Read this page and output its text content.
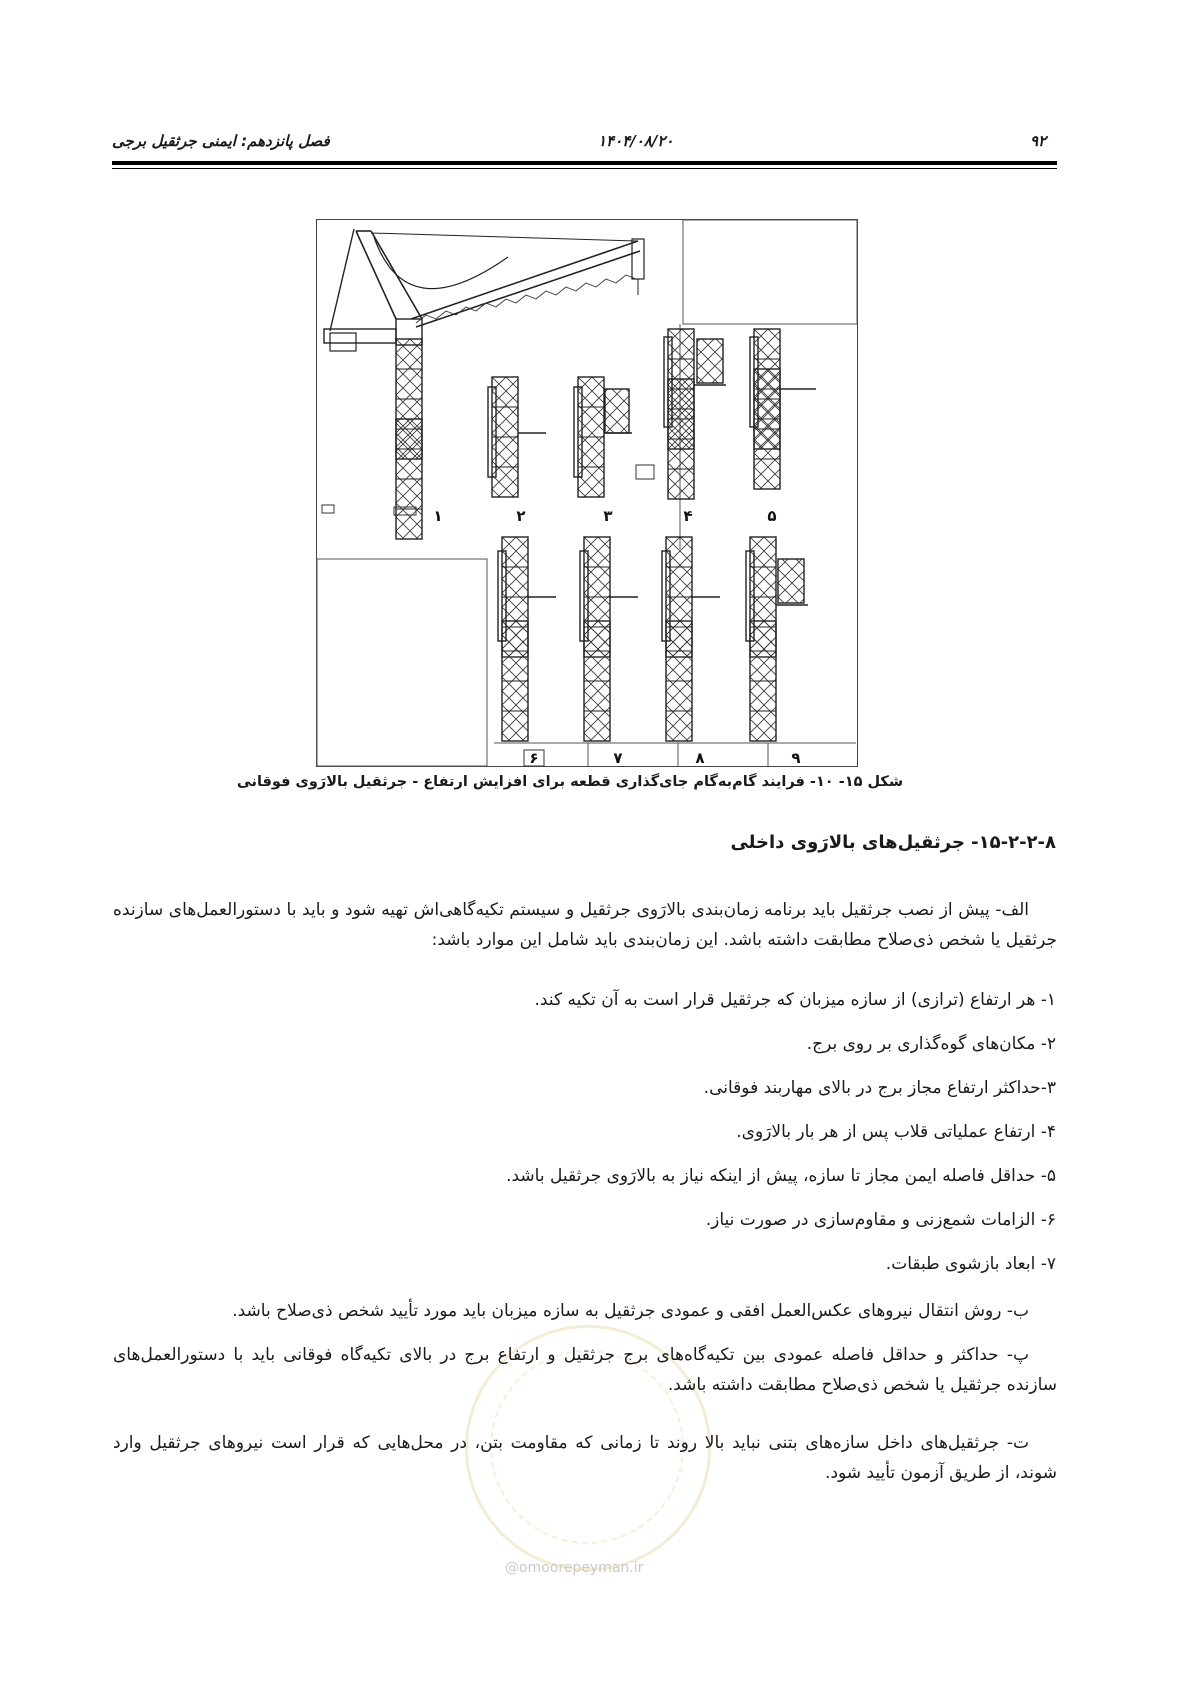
فصل پانزدهم: ایمنی جرثقیل برجی	۱۴۰۴/۰۸/۲۰	۹۲
۱	۲	۳	۴	۵
۶	۷	۸	۹
شکل ۱۵- ۱۰- فرایند گام‌به‌گام جای‌گذاری قطعه برای افزایش ارتفاع - جرثقیل بالارَوی فوقانی
@omoorepeyman.ir
۱۵-۲-۲-۸- جرثقیل‌های بالارَوی داخلی
الف- پیش از نصب جرثقیل باید برنامه زمان‌بندی بالارَوی جرثقیل و سیستم تکیه‌گاهی‌اش تهیه شود و باید با دستورالعمل‌های سازنده جرثقیل یا شخص ذی‌صلاح مطابقت داشته باشد. این زمان‌بندی باید شامل این موارد باشد:
۱- هر ارتفاع (ترازی) از سازه میزبان که جرثقیل قرار است به آن تکیه کند.
۲- مکان‌های گوه‌گذاری بر روی برج.
۳-حداکثر ارتفاع مجاز برج در بالای مهاربند فوقانی.
۴- ارتفاع عملیاتی قلاب پس از هر بار بالارَوی.
۵- حداقل فاصله ایمن مجاز تا سازه، پیش از اینکه نیاز به بالارَوی جرثقیل باشد.
۶- الزامات شمع‌زنی و مقاوم‌سازی در صورت نیاز.
۷- ابعاد بازشوی طبقات.
ب- روش انتقال نیروهای عکس‌العمل افقی و عمودی جرثقیل به سازه میزبان باید مورد تأیید شخص ذی‌صلاح باشد.
پ- حداکثر و حداقل فاصله عمودی بین تکیه‌گاه‌های برج جرثقیل و ارتفاع برج در بالای تکیه‌گاه فوقانی باید با دستورالعمل‌های سازنده جرثقیل یا شخص ذی‌صلاح مطابقت داشته باشد.
ت- جرثقیل‌های داخل سازه‌های بتنی نباید بالا روند تا زمانی که مقاومت بتن، در محل‌هایی که قرار است نیروهای جرثقیل وارد شوند، از طریق آزمون تأیید شود.
